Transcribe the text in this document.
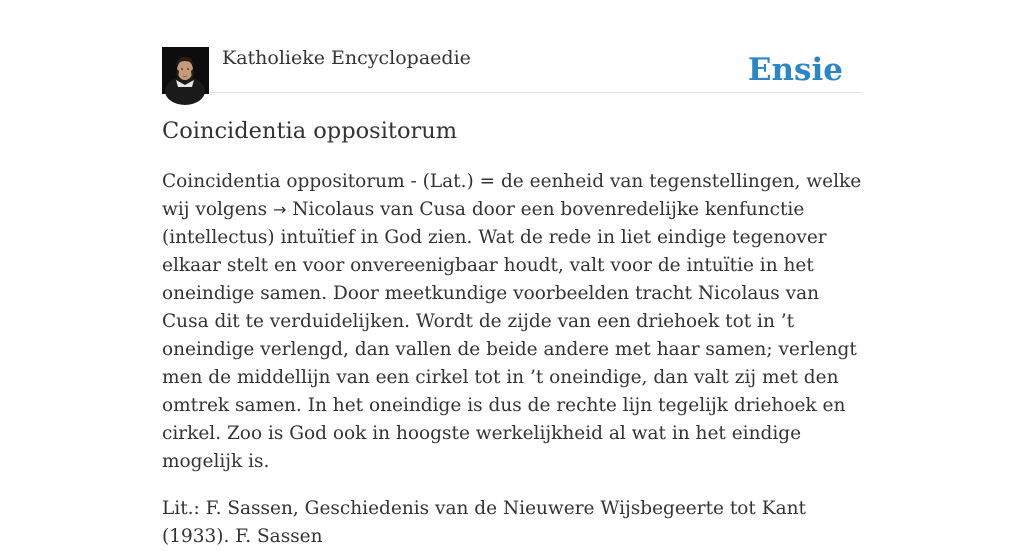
Katholieke Encyclopaedie	Ensie
Coincidentia oppositorum

Coincidentia oppositorum - (Lat.) = de eenheid van tegenstellingen, welke wij volgens → Nicolaus van Cusa door een bovenredelijke kenfunctie (intellectus) intuïtief in God zien. Wat de rede in liet eindige tegenover elkaar stelt en voor onvereenigbaar houdt, valt voor de intuïtie in het oneindige samen. Door meetkundige voorbeelden tracht Nicolaus van Cusa dit te verduidelijken. Wordt de zijde van een driehoek tot in ’t oneindige verlengd, dan vallen de beide andere met haar samen; verlengt men de middellijn van een cirkel tot in ’t oneindige, dan valt zij met den omtrek samen. In het oneindige is dus de rechte lijn tegelijk driehoek en cirkel. Zoo is God ook in hoogste werkelijkheid al wat in het eindige mogelijk is.

Lit.: F. Sassen, Geschiedenis van de Nieuwere Wijsbegeerte tot Kant (1933). F. Sassen
